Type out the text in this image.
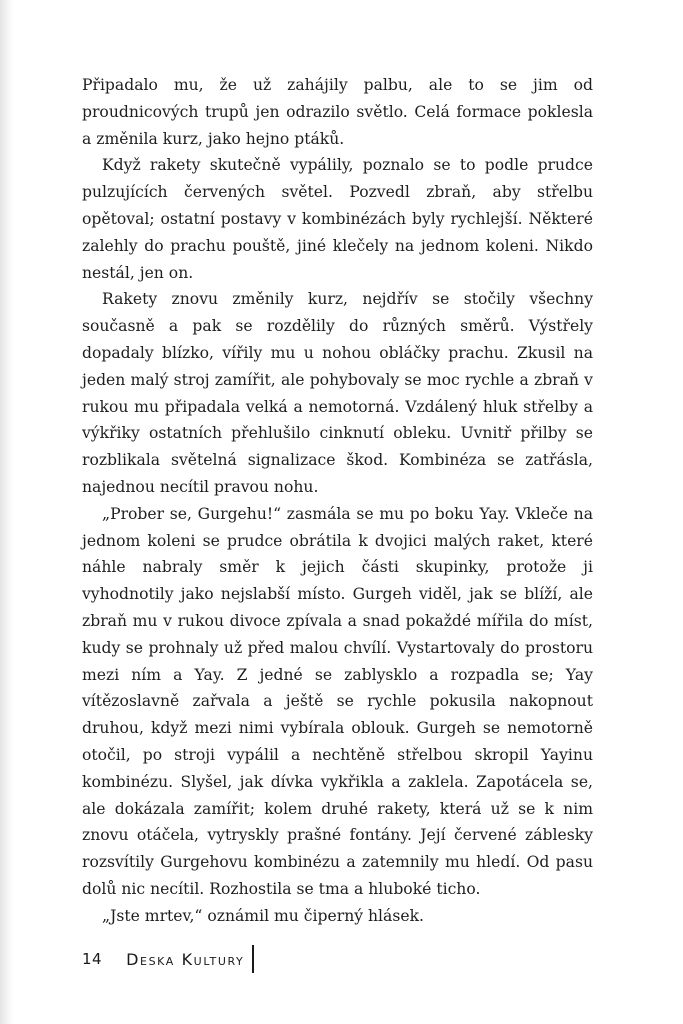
Připadalo mu, že už zahájily palbu, ale to se jim od proudnicových trupů jen odrazilo světlo. Celá formace poklesla a změnila kurz, jako hejno ptáků.

Když rakety skutečně vypálily, poznalo se to podle prudce pulzujících červených světel. Pozvedl zbraň, aby střelbu opětoval; ostatní postavy v kombinézách byly rychlejší. Některé zalehly do prachu pouště, jiné klečely na jednom koleni. Nikdo nestál, jen on.

Rakety znovu změnily kurz, nejdřív se stočily všechny současně a pak se rozdělily do různých směrů. Výstřely dopadaly blízko, vířily mu u nohou obláčky prachu. Zkusil na jeden malý stroj zamířit, ale pohybovaly se moc rychle a zbraň v rukou mu připadala velká a nemotorná. Vzdálený hluk střelby a výkřiky ostatních přehlušilo cinknutí obleku. Uvnitř přilby se rozblikala světelná signalizace škod. Kombinéza se zatřásla, najednou necítil pravou nohu.

„Prober se, Gurgehu!“ zasmála se mu po boku Yay. Vkleče na jednom koleni se prudce obrátila k dvojici malých raket, které náhle nabraly směr k jejich části skupinky, protože ji vyhodnotily jako nejslabší místo. Gurgeh viděl, jak se blíží, ale zbraň mu v rukou divoce zpívala a snad pokaždé mířila do míst, kudy se prohnaly už před malou chvílí. Vystartovaly do prostoru mezi ním a Yay. Z jedné se zablysklo a rozpadla se; Yay vítězoslavně zařvala a ještě se rychle pokusila nakopnout druhou, když mezi nimi vybírala oblouk. Gurgeh se nemotorně otočil, po stroji vypálil a nechtěně střelbou skropil Yayinu kombinézu. Slyšel, jak dívka vykřikla a zaklela. Zapotácela se, ale dokázala zamířit; kolem druhé rakety, která už se k nim znovu otáčela, vytryskly prašné fontány. Její červené záblesky rozsvítily Gurgehovu kombinézu a zatemnily mu hledí. Od pasu dolů nic necítil. Rozhostila se tma a hluboké ticho.

„Jste mrtev,“ oznámil mu čiperný hlásek.

14 Deska Kultury
